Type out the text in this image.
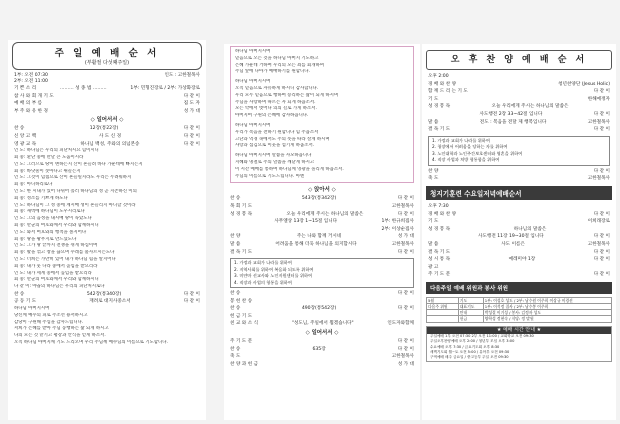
주 일 예 배 순 서
(부활절 다섯째주일)
1부: 오전 07:30
2부: 오전 11:00
인도 : 고한철목사
기 쁜 소 리	……… 성 종 법 ………	1부: 민형진장로 / 2부: 가상화장로
참 사 와 회 개 기 도	다 같 이
예 배 의 부 름	집 도 자
부 주 와 유 한 경	성 가 대
◇ 일어서서 ◇
찬 송	12장(통22장)	다 같 이
신 앙 고 백	사 도 신 경	다 같 이
영 광 교 독	하나님 백성, 주와의 의넘본송	다 같 이
인 도: 하나님은 우리의 피난처시요 힘이시니
회 중: 환난 중에 만날 큰 도움이시라
인 도: 그러므로 땅이 변하든지 산이 흔들려 바다 가운데에 빠지든지
회 중: 바닷물이 솟아나고 뛰놀든지
인 도: 그것이 넘침으로 산이 흔들릴지라도 우리는 두려워하지
회 중: 아니하리로다
인 도: 한 시내가 있어 나뉘어 흘러 하나님의 성 곧 지존하신 이의
회 중: 성소를 기쁘게 하도다
인 도: 하나님이 그 성 중에 계시매 성이 흔들리지 아니할 것이라
회 중: 새벽에 하나님이 도우시리로다
인 도: 그의 음성을 내시매 땅이 녹았도다
회 중: 만군의 여호와께서 우리와 함께하시니
인 도: 와서 여호와의 행적을 볼지어다
회 중: 땅을 황무지로 만드셨도다
인 도: 그가 땅 끝까지 전쟁을 쉬게 하심이여
회 중: 활을 꺾고 창을 끊으며 수레를 불사르시는도다
인 도: 너희는 가만히 있어 내가 하나님 됨을 알지어다
회 중: 내가 뭇 나라 중에서 높임을 받으리라
인 도: 내가 세계 중에서 높임을 받으리라
회 중: 만군의 여호와께서 우리와 함께하시니
다 같 이: 야곱의 하나님은 우리의 피난처시로다
찬 송	542장(통340장)	다 같 이
공 동 기 도	재려로 대지사중소서	다 같 이
하나님 아버지시여
당신께 예수의 피로 주소선 용서하시고
감당이 구원해 주심을 감사드립니다.
저희가 은혜를 받아 주님 동행하는 삶 되게 하시고
나의 모든 것 맡기고 평강과 안식을 얻게 하소서.
오직 하나님 아버지께 기도 드리오며 우리 주님께 예수님의 이름으로 기도합니다.
하나님 아버지시여
믿음으로 오는 것을 하나님 아버지 기도하고
은혜 가운데 거하여 우리의 모든 죄를 회개하며
주님 앞에 나아가 예배하기를 원합니다.
하나님 아버지시여
오직 믿음으로 자유하게 하시니 감사합니다.
우리 모두 믿음으로 행하여 승리하는 삶이 되게 하시며
주님을 사랑하며 따르는 자 되게 하옵소서.
모든 악에서 벗어나 의의 길로 가게 하소서.
아버지여 구원의 은혜에 감사하옵니다.
하나님 아버지시여
우리가 복음을 전하기 원합니다 힘 주옵소서
고난과 역경 속에서도 주의 뜻을 따라 살게 하시며
사랑과 섬김으로 이웃을 섬기게 하옵소서.
하나님 아버지시여 말씀을 사모하옵니다
지혜와 명철로 주의 말씀을 깨닫게 하시고
이 시간 예배를 통하여 하나님께 영광을 돌리게 하옵소서.
주님의 이름으로 기도드립니다. 아멘
◇ 앉아서 ◇
찬 송	543장(통342장)	다 같 이
목 회 기 도	고한철목사
성 경 봉 독	오늘 우리에게 주시는 하나님의 말씀은	다 같 이
사무엘상 13장 1~15절 입니다	1부: 한규희집사
2부: 이상순집사
찬 양	주는 나와 함께 거시네	성 가 대
말 씀	어려움을 통해 더욱 하나님을 의지합시다	고한철목사
결 독 기 도	다 같 이
1. 가정과 교회가 나라를 위하여
2. 지역사회를 위하여 복음화 되도록 위하여
3. 미얀마 선교사와 노인지원센터를 위하여
4. 직장과 사업의 형통을 위하여
찬 송	다 같 이
봉 헌 찬 송
찬 송	490장(통542장)	다 같 이
헌 금 기 도
친 교 와 소 식	"성도님, 주일에서 뵙겠습니다"	인도자와함께
◇ 일어서서 ◇
주 기 도 문	다 같 이
찬 송	635장	다 같 이
축 도	고한철목사
찬 양 과 헌 금	성 가 대
오 후 찬 양 예 배 순 서
오후 2:00
경 배 와 찬 양	청년찬양단 (Jesus Holic)
함 께 드 리 는 기 도	다 같 이
기 도	한해예정자
성 경 봉 독	오늘 우리에게 주시는 하나님의 말씀은
사도행전 2장 33~42절 입니다	다 같 이
말 씀	전도 : 복음을 전달 제 행복입니다	고한철목사
결 독 기 도	다 같 이
1. 가정과 교회가 나라를 위하여
2. 청장에서 어려움을 당하는 자를 위하여
3. 노인대학과 노인주간보호센터와 영혼을 위하여
4. 직장 사업과 처방 형통함을 위하여
찬 양	다 같 이
축 도	고한철목사
청지기훈련 수요일저녁예배순서
오후 7:30
경 배 와 찬 양	다 같 이
기 도	이희래장로
성 경 봉 독	하나님의 말씀은
사도행전 11장 19~30절 입니다	다 같 이
말 씀	사도 이름은	고한철목사
결 독 기 도	다 같 이
성 시 통 독	예레미야 1장	다 같 이
광 고
주 기 도 문	다 같 이
다음주일 예배 위원과 봉사 위원
5월	기도	1부: 이성호 성도 / 2부: 남수원 이주희 이상규 이경선
다음주 위원	대표기도	1부: 이석정 집사 / 2부: 남수봉 이주희
	안내	박성결 이기성 / 봉사: 김정자 성도
	헌금	양학성 정현숙 / 식당: 정 말원
★ 예배 시간 안내 ★
주일예배 1부 오전 07:30 2부 오전 11:00 / 교회학교 오전 09:30
주일오후찬양예배 오후 2:00 / 청년부 모임 오후 3:00
수요예배 오후 7:30 / 금요기도회 오후 8:30
새벽기도회 월~토 오전 5:00 / 유아부 오전 09:30
구역예배 매주 금요일 / 중고등부 주일 오전 09:30
